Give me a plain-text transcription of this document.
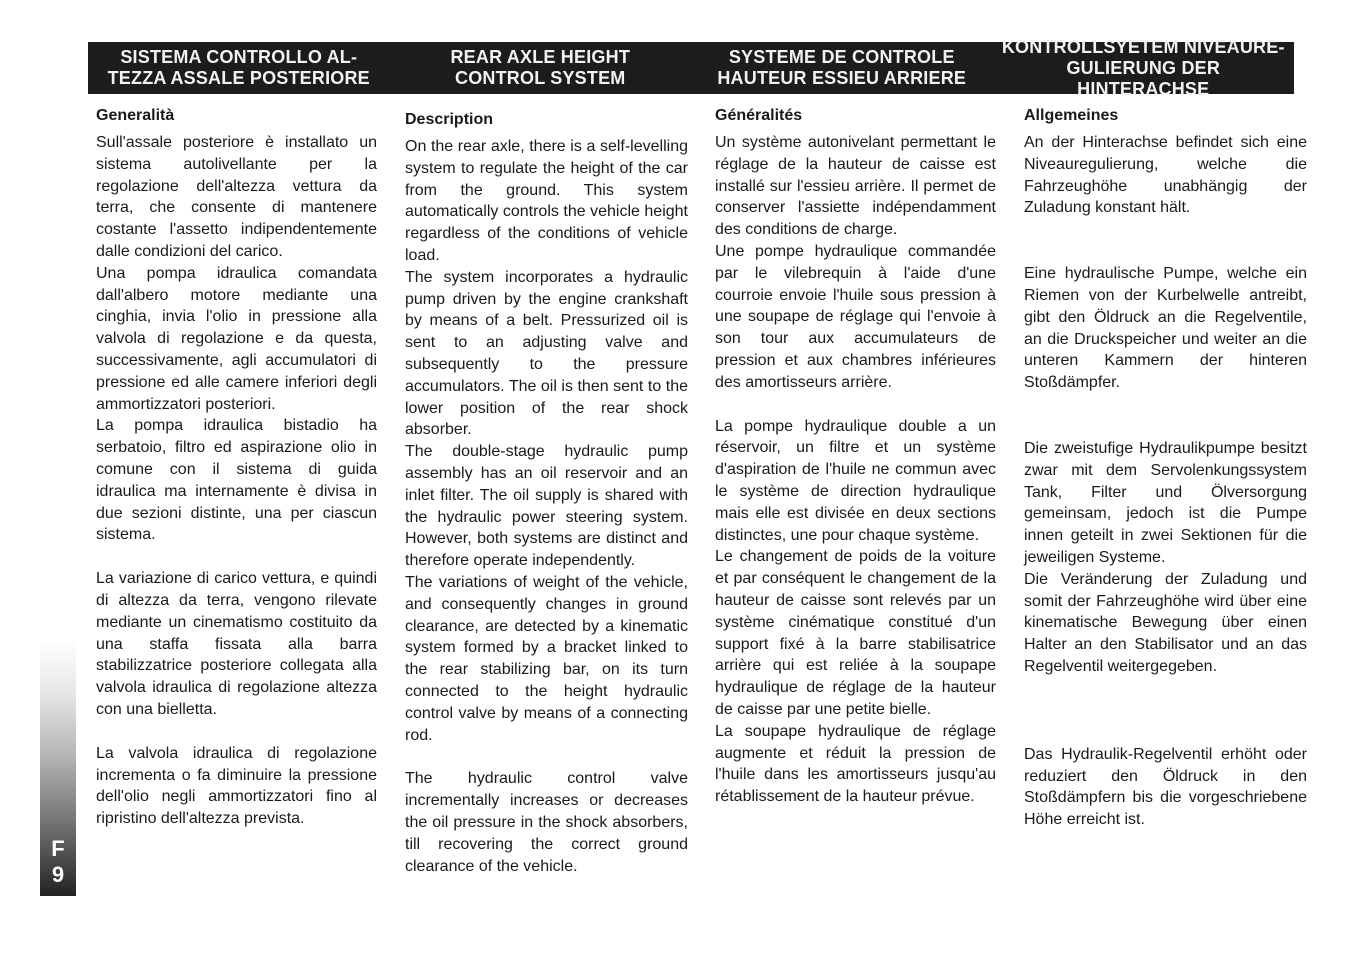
SISTEMA CONTROLLO AL-
TEZZA ASSALE POSTERIORE
REAR AXLE HEIGHT
CONTROL SYSTEM
SYSTEME DE CONTROLE
HAUTEUR ESSIEU ARRIERE
KONTROLLSYETEM NIVEAURE-
GULIERUNG DER HINTERACHSE
Generalità

Sull'assale posteriore è installato un sistema autolivellante per la regolazione dell'altezza vettura da terra, che consente di mantenere costante l'assetto indipendentemente dalle condizioni del carico.

Una pompa idraulica comandata dall'albero motore mediante una cinghia, invia l'olio in pressione alla valvola di regolazione e da questa, successivamente, agli accumulatori di pressione ed alle camere inferiori degli ammortizzatori posteriori.

La pompa idraulica bistadio ha serbatoio, filtro ed aspirazione olio in comune con il sistema di guida idraulica ma internamente è divisa in due sezioni distinte, una per ciascun sistema.

La variazione di carico vettura, e quindi di altezza da terra, vengono rilevate mediante un cinematismo costituito da una staffa fissata alla barra stabilizzatrice posteriore collegata alla valvola idraulica di regolazione altezza con una bielletta.

La valvola idraulica di regolazione incrementa o fa diminuire la pressione dell'olio negli ammortizzatori fino al ripristino dell'altezza prevista.

Description

On the rear axle, there is a self-levelling system to regulate the height of the car from the ground. This system automatically controls the vehicle height regardless of the conditions of vehicle load.

The system incorporates a hydraulic pump driven by the engine crankshaft by means of a belt. Pressurized oil is sent to an adjusting valve and subsequently to the pressure accumulators. The oil is then sent to the lower position of the rear shock absorber.

The double-stage hydraulic pump assembly has an oil reservoir and an inlet filter. The oil supply is shared with the hydraulic power steering system. However, both systems are distinct and therefore operate independently.

The variations of weight of the vehicle, and consequently changes in ground clearance, are detected by a kinematic system formed by a bracket linked to the rear stabilizing bar, on its turn connected to the height hydraulic control valve by means of a connecting rod.

The hydraulic control valve incrementally increases or decreases the oil pressure in the shock absorbers, till recovering the correct ground clearance of the vehicle.

Généralités

Un système autonivelant permettant le réglage de la hauteur de caisse est installé sur l'essieu arrière. Il permet de conserver l'assiette indépendamment des conditions de charge.

Une pompe hydraulique commandée par le vilebrequin à l'aide d'une courroie envoie l'huile sous pression à une soupape de réglage qui l'envoie à son tour aux accumulateurs de pression et aux chambres inférieures des amortisseurs arrière.

La pompe hydraulique double a un réservoir, un filtre et un système d'aspiration de l'huile ne commun avec le système de direction hydraulique mais elle est divisée en deux sections distinctes, une pour chaque système.

Le changement de poids de la voiture et par conséquent le changement de la hauteur de caisse sont relevés par un système cinématique constitué d'un support fixé à la barre stabilisatrice arrière qui est reliée à la soupape hydraulique de réglage de la hauteur de caisse par une petite bielle.

La soupape hydraulique de réglage augmente et réduit la pression de l'huile dans les amortisseurs jusqu'au rétablissement de la hauteur prévue.

Allgemeines

An der Hinterachse befindet sich eine Niveauregulierung, welche die Fahrzeughöhe unabhängig der Zuladung konstant hält.

Eine hydraulische Pumpe, welche ein Riemen von der Kurbelwelle antreibt, gibt den Öldruck an die Regelventile, an die Druckspeicher und weiter an die unteren Kammern der hinteren Stoßdämpfer.

Die zweistufige Hydraulikpumpe besitzt zwar mit dem Servolenkungssystem Tank, Filter und Ölversorgung gemeinsam, jedoch ist die Pumpe innen geteilt in zwei Sektionen für die jeweiligen Systeme.

Die Veränderung der Zuladung und somit der Fahrzeughöhe wird über eine kinematische Bewegung über einen Halter an den Stabilisator und an das Regelventil weitergegeben.

Das Hydraulik-Regelventil erhöht oder reduziert den Öldruck in den Stoßdämpfern bis die vorgeschriebene Höhe erreicht ist.

F
9
